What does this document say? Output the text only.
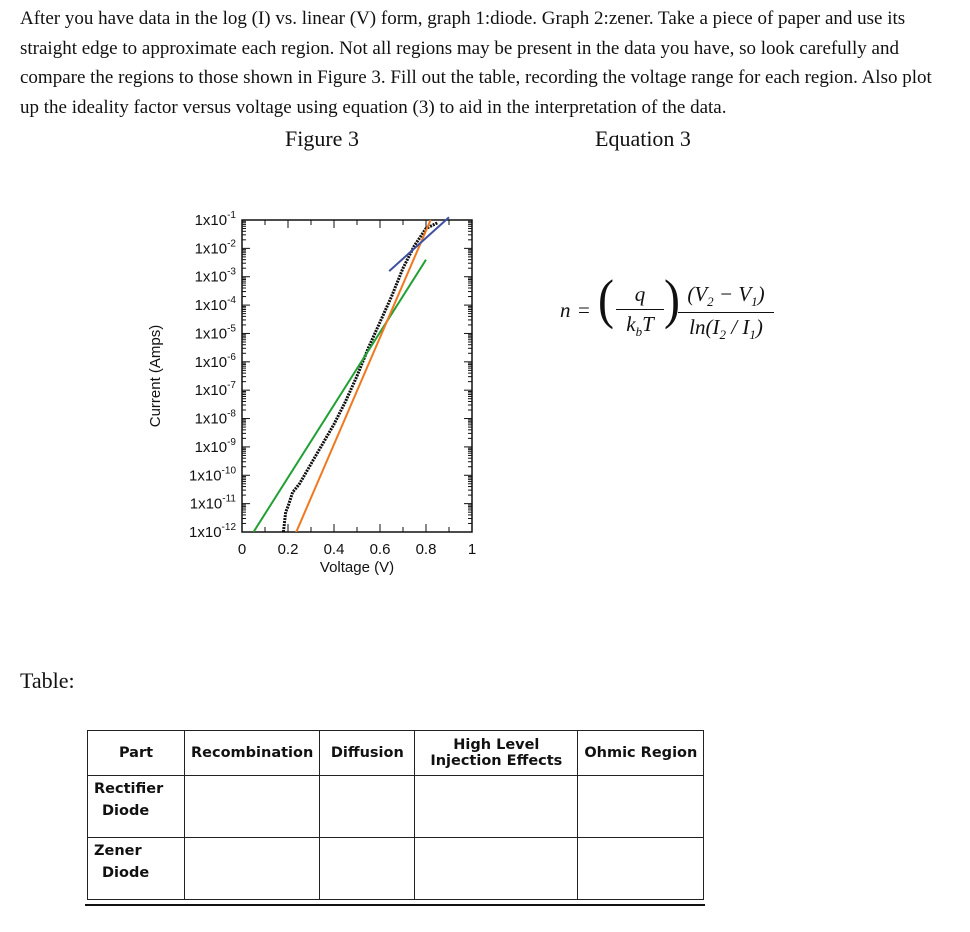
After you have data in the log (I) vs. linear (V) form, graph 1:diode. Graph 2:zener. Take a piece of paper and use its straight edge to approximate each region. Not all regions may be present in the data you have, so look carefully and compare the regions to those shown in Figure 3. Fill out the table, recording the voltage range for each region. Also plot up the ideality factor versus voltage using equation (3) to aid in the interpretation of the data.

Figure 3	Equation 3
$1x10^{-1}$
$1x10^{-2}$
$1x10^{-3}$
$1x10^{-4}$
$1x10^{-5}$
$1x10^{-6}$
$1x10^{-7}$
$1x10^{-8}$
$1x10^{-9}$
$1x10^{-10}$
$1x10^{-11}$
$1x10^{-12}$
0 0.2 0.4 0.6 0.8 1
Voltage (V)
Current (Amps)
n = ( q
$k_bT$ ) $(V_2 - V_1)$
$\ln(I_2 / I_1)$
Table:
Part	Recombination	Diffusion	High Level Injection Effects	Ohmic Region

Rectifier
Diode				

Zener
Diode				
